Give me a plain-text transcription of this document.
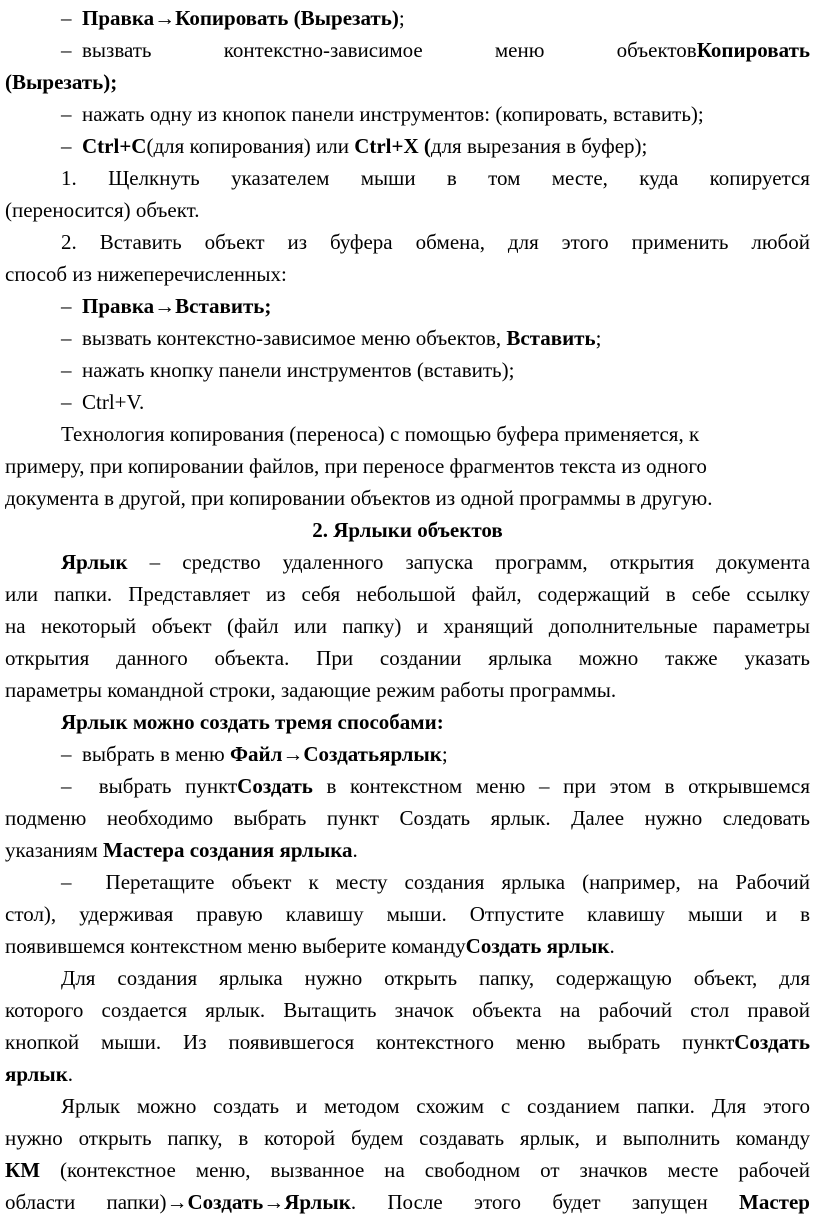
– Правка→Копировать (Вырезать);
– вызвать	контекстно-зависимое	меню	объектовКопировать
(Вырезать);
– нажать одну из кнопок панели инструментов: (копировать, вставить);
– Ctrl+C(для копирования) или Ctrl+X (для вырезания в буфер);
1. Щелкнуть указателем мыши в том месте, куда копируется
(переносится) объект.
2. Вставить объект из буфера обмена, для этого применить любой
способ из нижеперечисленных:
– Правка→Вставить;
– вызвать контекстно-зависимое меню объектов, Вставить;
– нажать кнопку панели инструментов (вставить);
– Ctrl+V.
Технология копирования (переноса) с помощью буфера применяется, к
примеру, при копировании файлов, при переносе фрагментов текста из одного
документа в другой, при копировании объектов из одной программы в другую.
2. Ярлыки объектов
Ярлык – средство удаленного запуска программ, открытия документа
или папки. Представляет из себя небольшой файл, содержащий в себе ссылку
на некоторый объект (файл или папку) и хранящий дополнительные параметры
открытия данного объекта. При создании ярлыка можно также указать
параметры командной строки, задающие режим работы программы.
Ярлык можно создать тремя способами:
– выбрать в меню Файл→Создатьярлык;
– выбрать пунктСоздать в контекстном меню – при этом в открывшемся
подменю необходимо выбрать пункт Создать ярлык. Далее нужно следовать
указаниям Мастера создания ярлыка.
– Перетащите объект к месту создания ярлыка (например, на Рабочий
стол), удерживая правую клавишу мыши. Отпустите клавишу мыши и в
появившемся контекстном меню выберите командуСоздать ярлык.
Для создания ярлыка нужно открыть папку, содержащую объект, для
которого создается ярлык. Вытащить значок объекта на рабочий стол правой
кнопкой мыши. Из появившегося контекстного меню выбрать пунктСоздать
ярлык.
Ярлык можно создать и методом схожим с созданием папки. Для этого
нужно открыть папку, в которой будем создавать ярлык, и выполнить команду
КМ (контекстное меню, вызванное на свободном от значков месте рабочей
области папки)→Создать→Ярлык. После этого будет запущен Мастер
